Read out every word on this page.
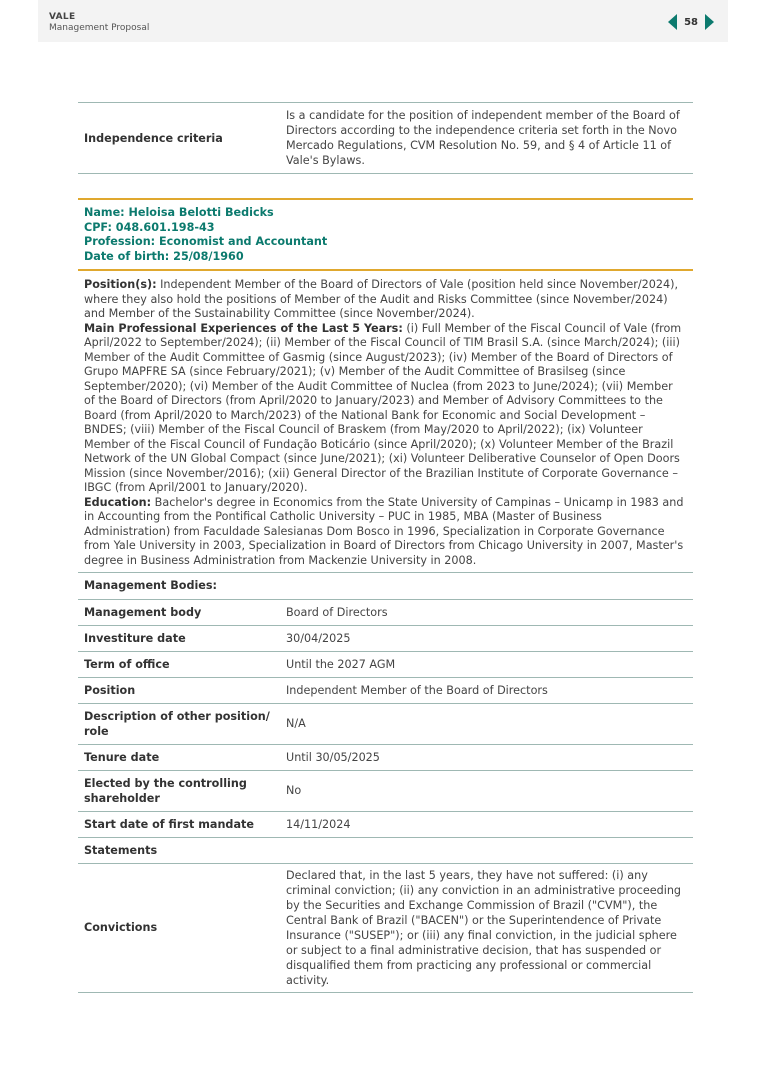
VALE
Management Proposal
58
Independence criteria	Is a candidate for the position of independent member of the Board of Directors according to the independence criteria set forth in the Novo Mercado Regulations, CVM Resolution No. 59, and § 4 of Article 11 of Vale's Bylaws.
Name: Heloisa Belotti Bedicks
CPF: 048.601.198-43
Profession: Economist and Accountant
Date of birth: 25/08/1960
Position(s): Independent Member of the Board of Directors of Vale (position held since November/2024), where they also hold the positions of Member of the Audit and Risks Committee (since November/2024) and Member of the Sustainability Committee (since November/2024).
Main Professional Experiences of the Last 5 Years: (i) Full Member of the Fiscal Council of Vale (from April/2022 to September/2024); (ii) Member of the Fiscal Council of TIM Brasil S.A. (since March/2024); (iii) Member of the Audit Committee of Gasmig (since August/2023); (iv) Member of the Board of Directors of Grupo MAPFRE SA (since February/2021); (v) Member of the Audit Committee of Brasilseg (since September/2020); (vi) Member of the Audit Committee of Nuclea (from 2023 to June/2024); (vii) Member of the Board of Directors (from April/2020 to January/2023) and Member of Advisory Committees to the Board (from April/2020 to March/2023) of the National Bank for Economic and Social Development – BNDES; (viii) Member of the Fiscal Council of Braskem (from May/2020 to April/2022); (ix) Volunteer Member of the Fiscal Council of Fundação Boticário (since April/2020); (x) Volunteer Member of the Brazil Network of the UN Global Compact (since June/2021); (xi) Volunteer Deliberative Counselor of Open Doors Mission (since November/2016); (xii) General Director of the Brazilian Institute of Corporate Governance – IBGC (from April/2001 to January/2020).
Education: Bachelor's degree in Economics from the State University of Campinas – Unicamp in 1983 and in Accounting from the Pontifical Catholic University – PUC in 1985, MBA (Master of Business Administration) from Faculdade Salesianas Dom Bosco in 1996, Specialization in Corporate Governance from Yale University in 2003, Specialization in Board of Directors from Chicago University in 2007, Master's degree in Business Administration from Mackenzie University in 2008.
Management Bodies:	
Management body	Board of Directors
Investiture date	30/04/2025
Term of office	Until the 2027 AGM
Position	Independent Member of the Board of Directors
Description of other position/ role	N/A
Tenure date	Until 30/05/2025
Elected by the controlling shareholder	No
Start date of first mandate	14/11/2024
Statements	
Convictions	Declared that, in the last 5 years, they have not suffered: (i) any criminal conviction; (ii) any conviction in an administrative proceeding by the Securities and Exchange Commission of Brazil ("CVM"), the Central Bank of Brazil ("BACEN") or the Superintendence of Private Insurance ("SUSEP"); or (iii) any final conviction, in the judicial sphere or subject to a final administrative decision, that has suspended or disqualified them from practicing any professional or commercial activity.
